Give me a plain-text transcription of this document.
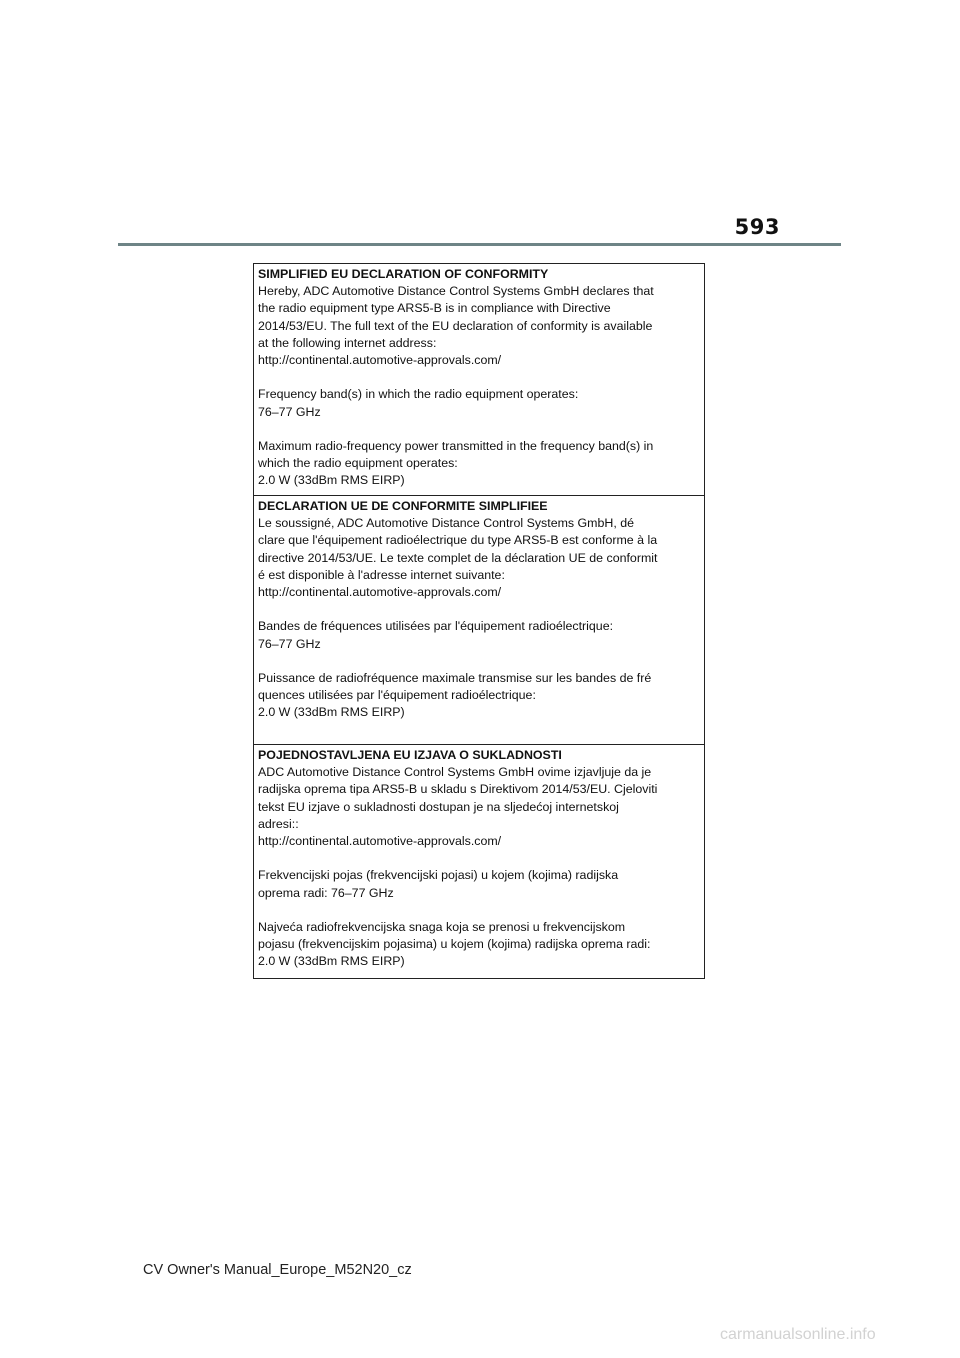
593
SIMPLIFIED EU DECLARATION OF CONFORMITY
Hereby, ADC Automotive Distance Control Systems GmbH declares that
the radio equipment type ARS5-B is in compliance with Directive
2014/53/EU. The full text of the EU declaration of conformity is available
at the following internet address:
http://continental.automotive-approvals.com/
Frequency band(s) in which the radio equipment operates:
76–77 GHz
Maximum radio-frequency power transmitted in the frequency band(s) in
which the radio equipment operates:
2.0 W (33dBm RMS EIRP)
DECLARATION UE DE CONFORMITE SIMPLIFIEE
Le soussigné, ADC Automotive Distance Control Systems GmbH, dé
clare que l'équipement radioélectrique du type ARS5-B est conforme à la
directive 2014/53/UE. Le texte complet de la déclaration UE de conformit
é est disponible à l'adresse internet suivante:
http://continental.automotive-approvals.com/
Bandes de fréquences utilisées par l'équipement radioélectrique:
76–77 GHz
Puissance de radiofréquence maximale transmise sur les bandes de fré
quences utilisées par l'équipement radioélectrique:
2.0 W (33dBm RMS EIRP)
POJEDNOSTAVLJENA EU IZJAVA O SUKLADNOSTI
ADC Automotive Distance Control Systems GmbH ovime izjavljuje da je
radijska oprema tipa ARS5-B u skladu s Direktivom 2014/53/EU. Cjeloviti
tekst EU izjave o sukladnosti dostupan je na sljedećoj internetskoj
adresi::
http://continental.automotive-approvals.com/
Frekvencijski pojas (frekvencijski pojasi) u kojem (kojima) radijska
oprema radi: 76–77 GHz
Najveća radiofrekvencijska snaga koja se prenosi u frekvencijskom
pojasu (frekvencijskim pojasima) u kojem (kojima) radijska oprema radi:
2.0 W (33dBm RMS EIRP)
CV Owner's Manual_Europe_M52N20_cz
carmanualsonline.info
